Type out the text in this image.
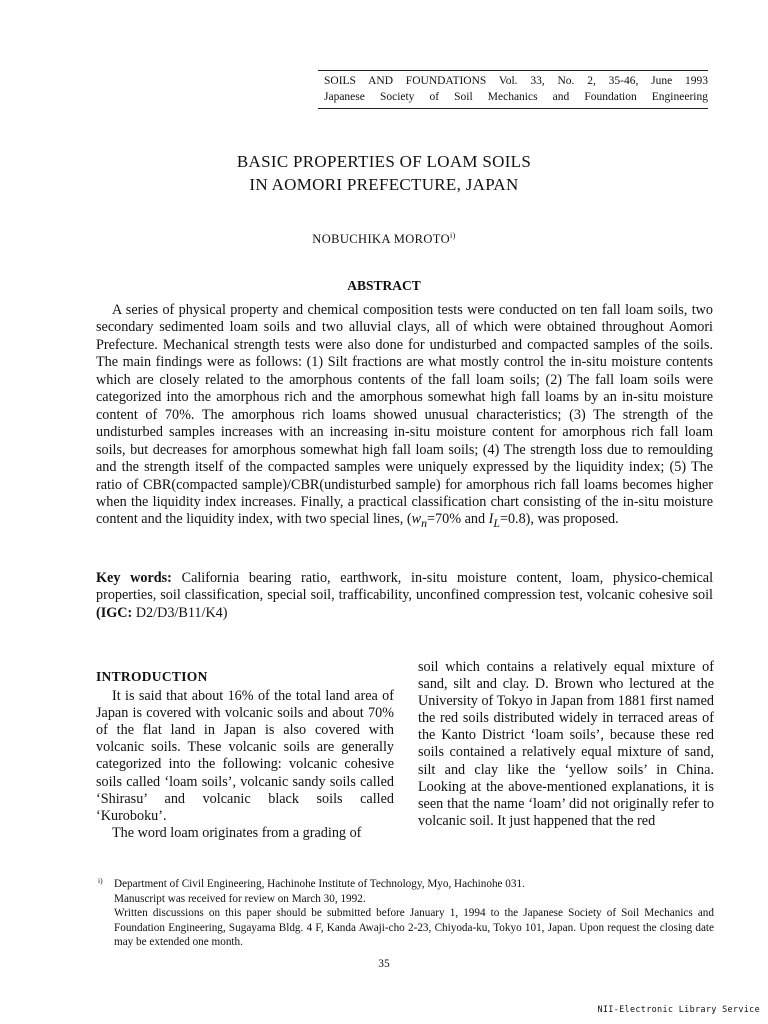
SOILS AND FOUNDATIONS Vol. 33, No. 2, 35-46, June 1993
Japanese Society of Soil Mechanics and Foundation Engineering
BASIC PROPERTIES OF LOAM SOILS
IN AOMORI PREFECTURE, JAPAN
NOBUCHIKA MOROTO$^{i)}$
ABSTRACT
A series of physical property and chemical composition tests were conducted on ten fall loam soils, two secondary sedimented loam soils and two alluvial clays, all of which were obtained throughout Aomori Prefecture. Mechanical strength tests were also done for undisturbed and compacted samples of the soils. The main findings were as follows: (1) Silt fractions are what mostly control the in-situ moisture contents which are closely related to the amorphous contents of the fall loam soils; (2) The fall loam soils were categorized into the amorphous rich and the amorphous somewhat high fall loams by an in-situ moisture content of 70%. The amorphous rich loams showed unusual characteristics; (3) The strength of the undisturbed samples increases with an increasing in-situ moisture content for amorphous rich fall loam soils, but decreases for amorphous somewhat high fall loam soils; (4) The strength loss due to remoulding and the strength itself of the compacted samples were uniquely expressed by the liquidity index; (5) The ratio of CBR(compacted sample)/CBR(undisturbed sample) for amorphous rich fall loams becomes higher when the liquidity index increases. Finally, a practical classification chart consisting of the in-situ moisture content and the liquidity index, with two special lines, ($w_n=70\%$ and $I_L=0.8$), was proposed.
Key words: California bearing ratio, earthwork, in-situ moisture content, loam, physico-chemical properties, soil classification, special soil, trafficability, unconfined compression test, volcanic cohesive soil (IGC: D2/D3/B11/K4)
INTRODUCTION
It is said that about 16% of the total land area of Japan is covered with volcanic soils and about 70% of the flat land in Japan is also covered with volcanic soils. These volcanic soils are generally categorized into the following: volcanic cohesive soils called ‘loam soils’, volcanic sandy soils called ‘Shirasu’ and volcanic black soils called ‘Kuroboku’.
The word loam originates from a grading of
soil which contains a relatively equal mixture of sand, silt and clay. D. Brown who lectured at the University of Tokyo in Japan from 1881 first named the red soils distributed widely in terraced areas of the Kanto District ‘loam soils’, because these red soils contained a relatively equal mixture of sand, silt and clay like the ‘yellow soils’ in China. Looking at the above-mentioned explanations, it is seen that the name ‘loam’ did not originally refer to volcanic soil. It just happened that the red
i) Department of Civil Engineering, Hachinohe Institute of Technology, Myo, Hachinohe 031.
Manuscript was received for review on March 30, 1992.
Written discussions on this paper should be submitted before January 1, 1994 to the Japanese Society of Soil Mechanics and Foundation Engineering, Sugayama Bldg. 4 F, Kanda Awaji-cho 2-23, Chiyoda-ku, Tokyo 101, Japan. Upon request the closing date may be extended one month.
35
NII-Electronic Library Service
